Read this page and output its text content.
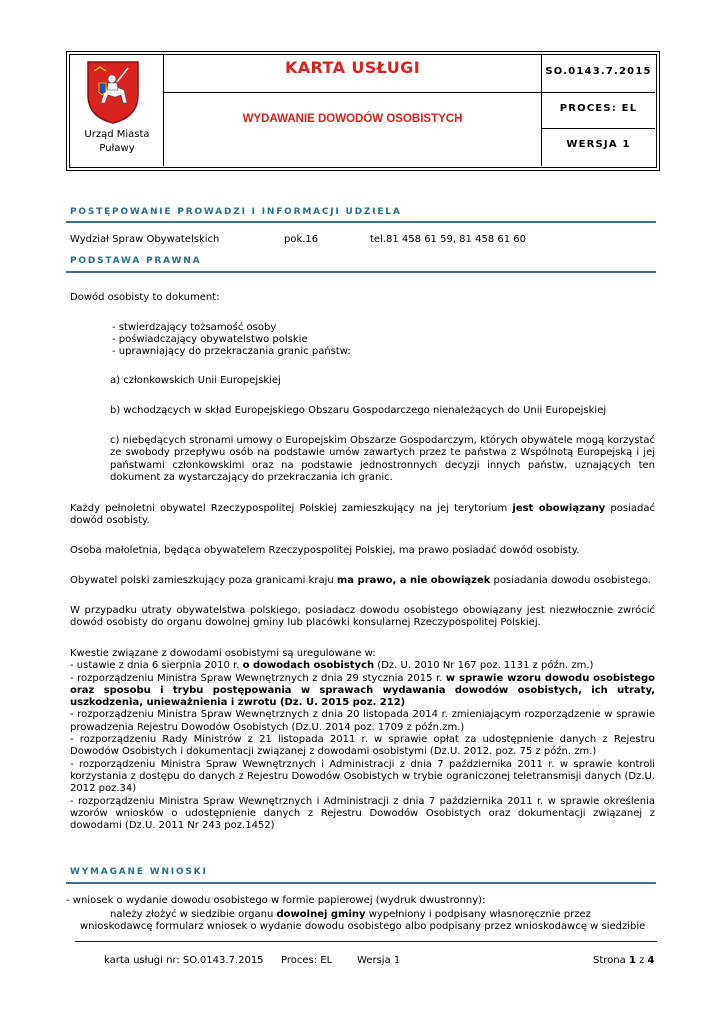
Urząd Miasta
Puławy
KARTA USŁUGI
WYDAWANIE DOWODÓW OSOBISTYCH
SO.0143.7.2015
PROCES: EL
WERSJA 1
POSTĘPOWANIE PROWADZI I INFORMACJI UDZIELA
Wydział Spraw Obywatelskich	pok.16	tel.81 458 61 59, 81 458 61 60
PODSTAWA PRAWNA
Dowód osobisty to dokument:
- stwierdzający tożsamość osoby
- poświadczający obywatelstwo polskie
- uprawniający do przekraczania granic państw:
a) członkowskich Unii Europejskiej
b) wchodzących w skład Europejskiego Obszaru Gospodarczego nienależących do Unii Europejskiej
c) niebędących stronami umowy o Europejskim Obszarze Gospodarczym, których obywatele mogą korzystać ze swobody przepływu osób na podstawie umów zawartych przez te państwa z Wspólnotą Europejską i jej państwami członkowskimi oraz na podstawie jednostronnych decyzji innych państw, uznających ten dokument za wystarczający do przekraczania ich granic.
Każdy pełnoletni obywatel Rzeczypospolitej Polskiej zamieszkujący na jej terytorium jest obowiązany posiadać dowód osobisty.
Osoba małoletnia, będąca obywatelem Rzeczypospolitej Polskiej, ma prawo posiadać dowód osobisty.
Obywatel polski zamieszkujący poza granicami kraju ma prawo, a nie obowiązek posiadania dowodu osobistego.
W przypadku utraty obywatelstwa polskiego, posiadacz dowodu osobistego obowiązany jest niezwłocznie zwrócić dowód osobisty do organu dowolnej gminy lub placówki konsularnej Rzeczypospolitej Polskiej.
Kwestie związane z dowodami osobistymi są uregulowane w:
- ustawie z dnia 6 sierpnia 2010 r. o dowodach osobistych (Dz. U. 2010 Nr 167 poz. 1131 z późn. zm.)
- rozporządzeniu Ministra Spraw Wewnętrznych z dnia 29 stycznia 2015 r. w sprawie wzoru dowodu osobistego oraz sposobu i trybu postępowania w sprawach wydawania dowodów osobistych, ich utraty, uszkodzenia, unieważnienia i zwrotu (Dz. U. 2015 poz. 212)
- rozporządzeniu Ministra Spraw Wewnętrznych z dnia 20 listopada 2014 r. zmieniającym rozporządzenie w sprawie prowadzenia Rejestru Dowodów Osobistych (Dz.U. 2014 poz. 1709 z późn.zm.)
- rozporządzeniu Rady Ministrów z 21 listopada 2011 r. w sprawie opłat za udostępnienie danych z Rejestru Dowodów Osobistych i dokumentacji związanej z dowodami osobistymi (Dz.U. 2012. poz. 75 z późn. zm.)
- rozporządzeniu Ministra Spraw Wewnętrznych i Administracji z dnia 7 października 2011 r. w sprawie kontroli korzystania z dostępu do danych z Rejestru Dowodów Osobistych w trybie ograniczonej teletransmisji danych (Dz.U. 2012 poz.34)
- rozporządzeniu Ministra Spraw Wewnętrznych i Administracji z dnia 7 października 2011 r. w sprawie określenia wzorów wniosków o udostępnienie danych z Rejestru Dowodów Osobistych oraz dokumentacji związanej z dowodami (Dz.U. 2011 Nr 243 poz.1452)
WYMAGANE WNIOSKI
- wniosek o wydanie dowodu osobistego w formie papierowej (wydruk dwustronny):
należy złożyć w siedzibie organu dowolnej gminy wypełniony i podpisany własnoręcznie przez
wnioskodawcę formularz wniosek o wydanie dowodu osobistego albo podpisany przez wnioskodawcę w siedzibie
karta usługi nr: SO.0143.7.2015 Proces: EL Wersja 1	Strona 1 z 4
